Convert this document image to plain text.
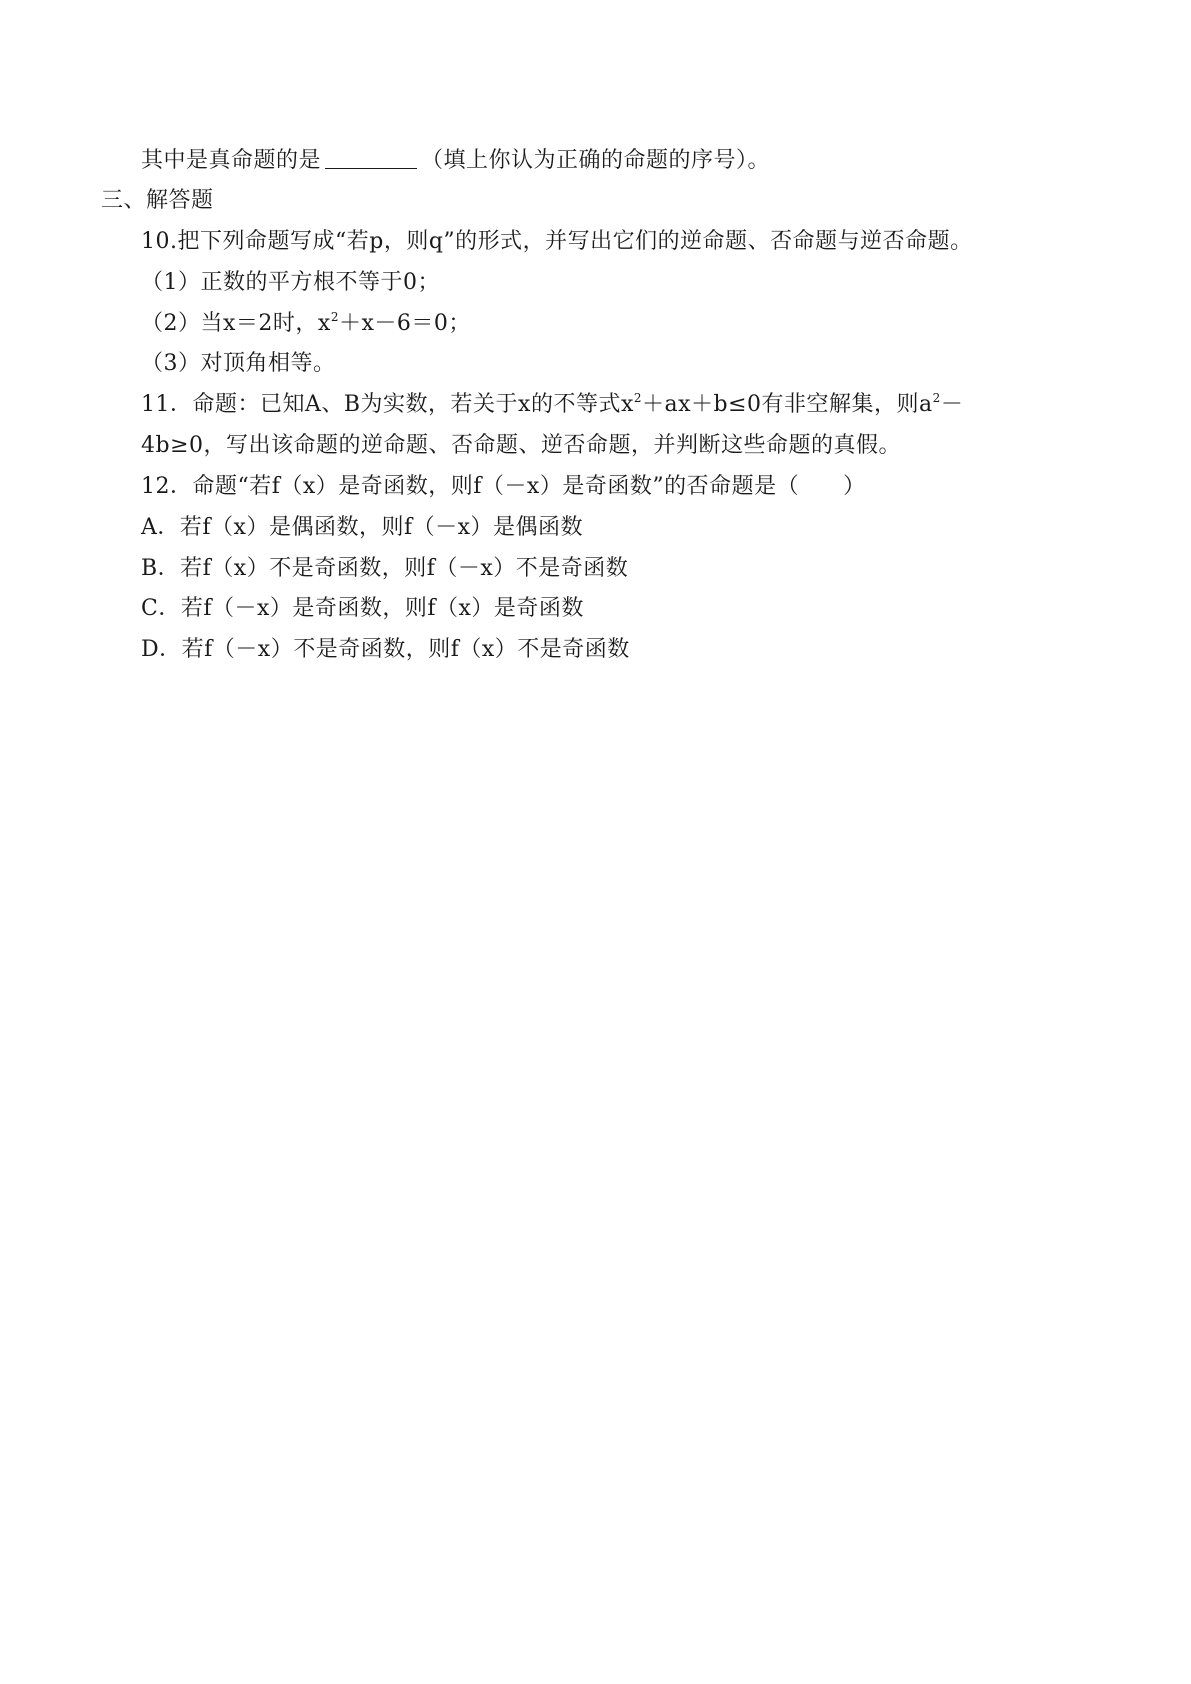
其中是真命题的是	（填上你认为正确的命题的序号）。
三、解答题
10.把下列命题写成“若p，则q”的形式，并写出它们的逆命题、否命题与逆否命题。
（1）正数的平方根不等于0；
（2）当x＝2时，$x^2+x-6=0$；
（3）对顶角相等。
11．命题：已知A、B为实数，若关于x的不等式$x^2+ax+b\le 0$有非空解集，则$a^2-$
4b≥0，写出该命题的逆命题、否命题、逆否命题，并判断这些命题的真假。
12．命题“若f（x）是奇函数，则f（－x）是奇函数”的否命题是（ ）
A．若f（x）是偶函数，则f（－x）是偶函数
B．若f（x）不是奇函数，则f（－x）不是奇函数
C．若f（－x）是奇函数，则f（x）是奇函数
D．若f（－x）不是奇函数，则f（x）不是奇函数
